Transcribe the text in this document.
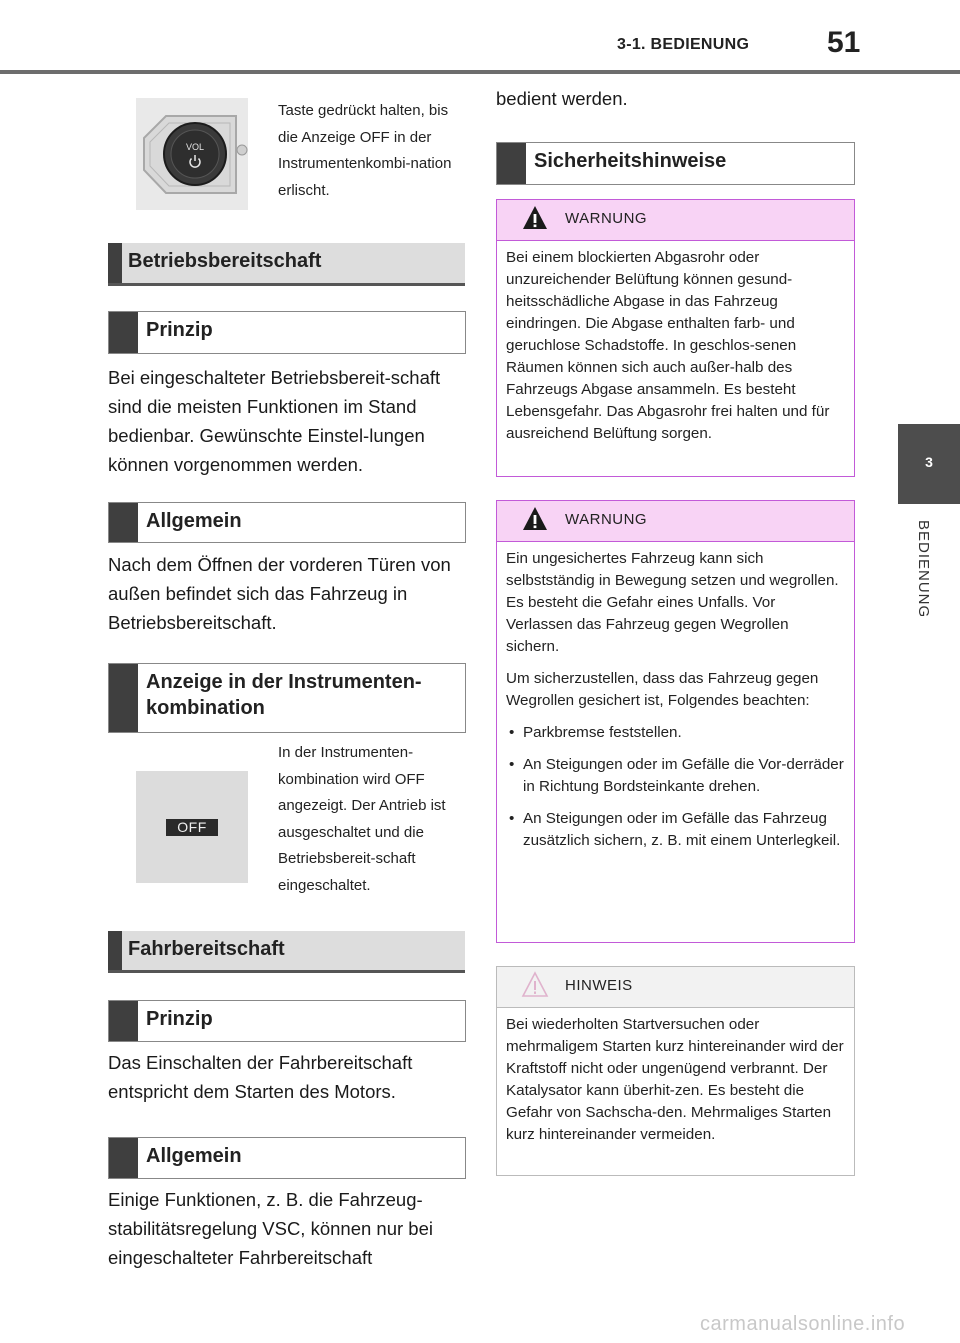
3-1. BEDIENUNG	51
3
BEDIENUNG
VOL

Taste gedrückt halten, bis die Anzeige OFF in der Instrumentenkombi-nation erlischt.

Betriebsbereitschaft
Prinzip

Bei eingeschalteter Betriebsbereit-schaft sind die meisten Funktionen im Stand bedienbar. Gewünschte Einstel-lungen können vorgenommen werden.

Allgemein

Nach dem Öffnen der vorderen Türen von außen befindet sich das Fahrzeug in Betriebsbereitschaft.

Anzeige in der Instrumenten-kombination
OFF

In der Instrumenten-kombination wird OFF angezeigt. Der Antrieb ist ausgeschaltet und die Betriebsbereit-schaft eingeschaltet.

Fahrbereitschaft
Prinzip

Das Einschalten der Fahrbereitschaft entspricht dem Starten des Motors.

Allgemein

Einige Funktionen, z. B. die Fahrzeug-stabilitätsregelung VSC, können nur bei eingeschalteter Fahrbereitschaft

bedient werden.

Sicherheitshinweise
WARNUNG

Bei einem blockierten Abgasrohr oder unzureichender Belüftung können gesund-heitsschädliche Abgase in das Fahrzeug eindringen. Die Abgase enthalten farb- und geruchlose Schadstoffe. In geschlos-senen Räumen können sich auch außer-halb des Fahrzeugs Abgase ansammeln. Es besteht Lebensgefahr. Das Abgasrohr frei halten und für ausreichend Belüftung sorgen.

WARNUNG

Ein ungesichertes Fahrzeug kann sich selbstständig in Bewegung setzen und wegrollen. Es besteht die Gefahr eines Unfalls. Vor Verlassen das Fahrzeug gegen Wegrollen sichern.

Um sicherzustellen, dass das Fahrzeug gegen Wegrollen gesichert ist, Folgendes beachten:

• Parkbremse feststellen.
• An Steigungen oder im Gefälle die Vor-derräder in Richtung Bordsteinkante drehen.
• An Steigungen oder im Gefälle das Fahrzeug zusätzlich sichern, z. B. mit einem Unterlegkeil.
HINWEIS

Bei wiederholten Startversuchen oder mehrmaligem Starten kurz hintereinander wird der Kraftstoff nicht oder ungenügend verbrannt. Der Katalysator kann überhit-zen. Es besteht die Gefahr von Sachscha-den. Mehrmaliges Starten kurz hintereinander vermeiden.

carmanualsonline.info
